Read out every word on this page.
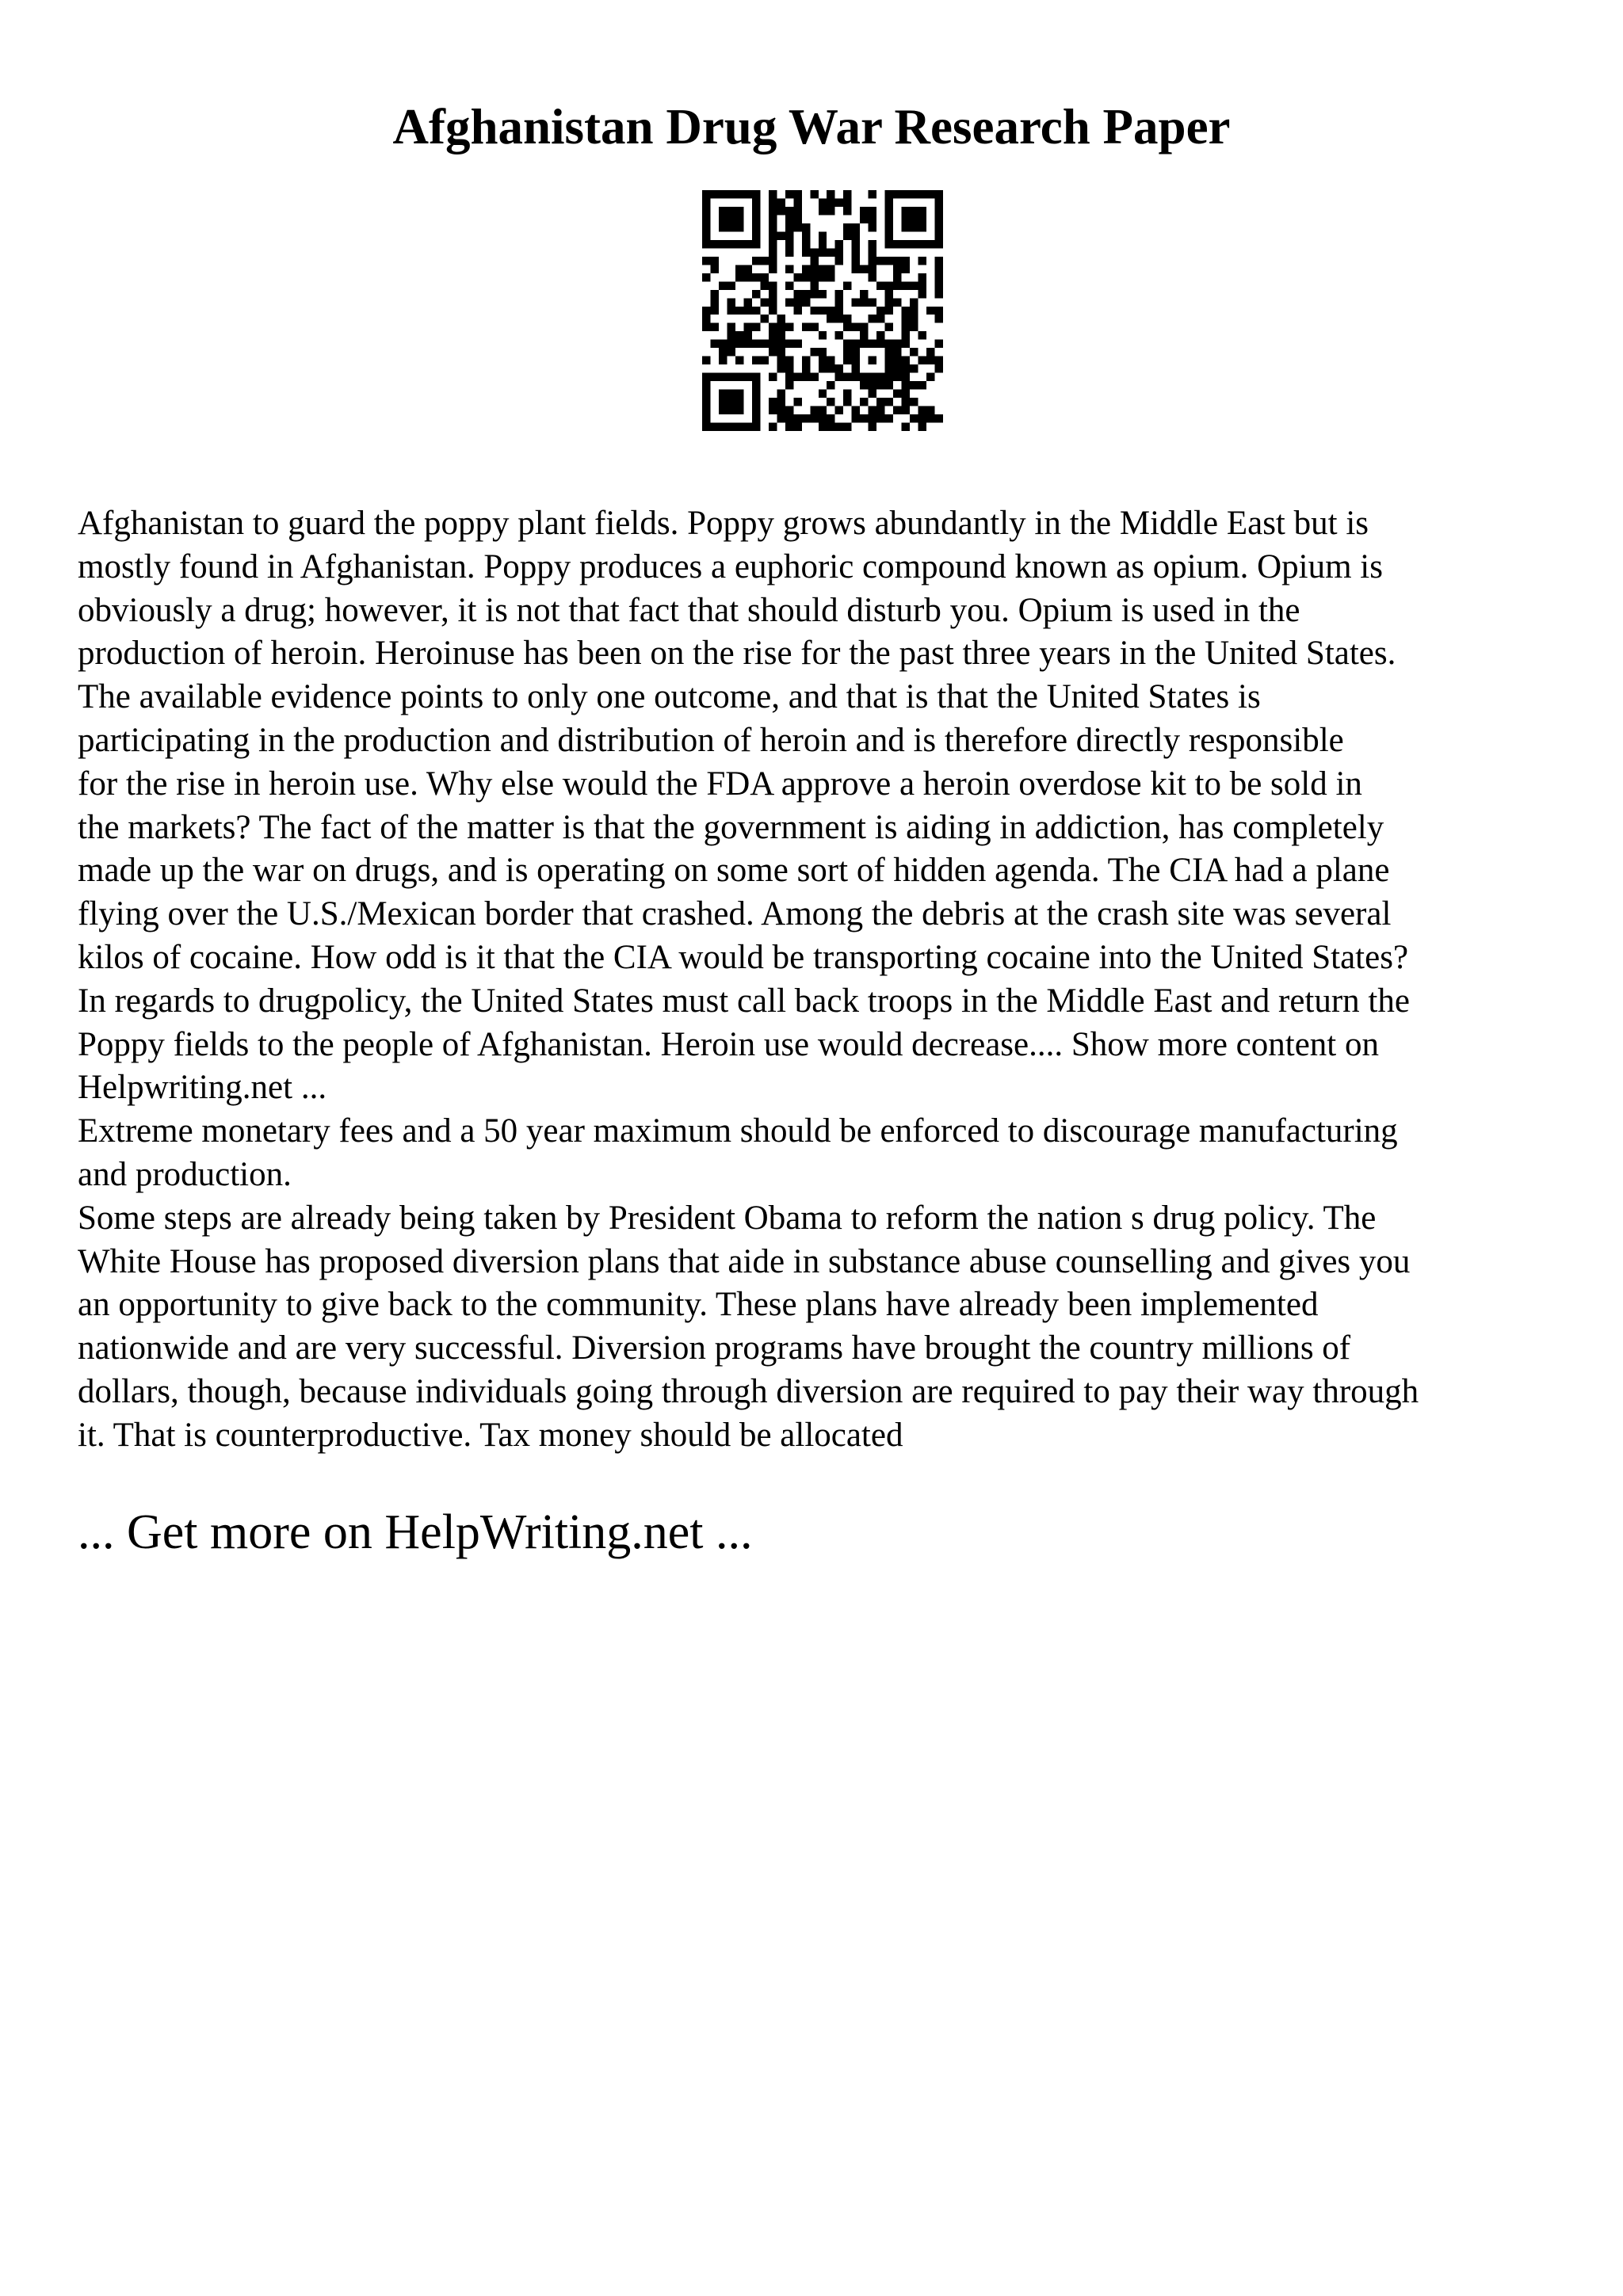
Afghanistan Drug War Research Paper

Afghanistan to guard the poppy plant fields. Poppy grows abundantly in the Middle East but is
mostly found in Afghanistan. Poppy produces a euphoric compound known as opium. Opium is
obviously a drug; however, it is not that fact that should disturb you. Opium is used in the
production of heroin. Heroinuse has been on the rise for the past three years in the United States.
The available evidence points to only one outcome, and that is that the United States is
participating in the production and distribution of heroin and is therefore directly responsible
for the rise in heroin use. Why else would the FDA approve a heroin overdose kit to be sold in
the markets? The fact of the matter is that the government is aiding in addiction, has completely
made up the war on drugs, and is operating on some sort of hidden agenda. The CIA had a plane
flying over the U.S./Mexican border that crashed. Among the debris at the crash site was several
kilos of cocaine. How odd is it that the CIA would be transporting cocaine into the United States?
In regards to drugpolicy, the United States must call back troops in the Middle East and return the
Poppy fields to the people of Afghanistan. Heroin use would decrease.... Show more content on
Helpwriting.net ...

Extreme monetary fees and a 50 year maximum should be enforced to discourage manufacturing
and production.

Some steps are already being taken by President Obama to reform the nation s drug policy. The
White House has proposed diversion plans that aide in substance abuse counselling and gives you
an opportunity to give back to the community. These plans have already been implemented
nationwide and are very successful. Diversion programs have brought the country millions of
dollars, though, because individuals going through diversion are required to pay their way through
it. That is counterproductive. Tax money should be allocated

... Get more on HelpWriting.net ...
